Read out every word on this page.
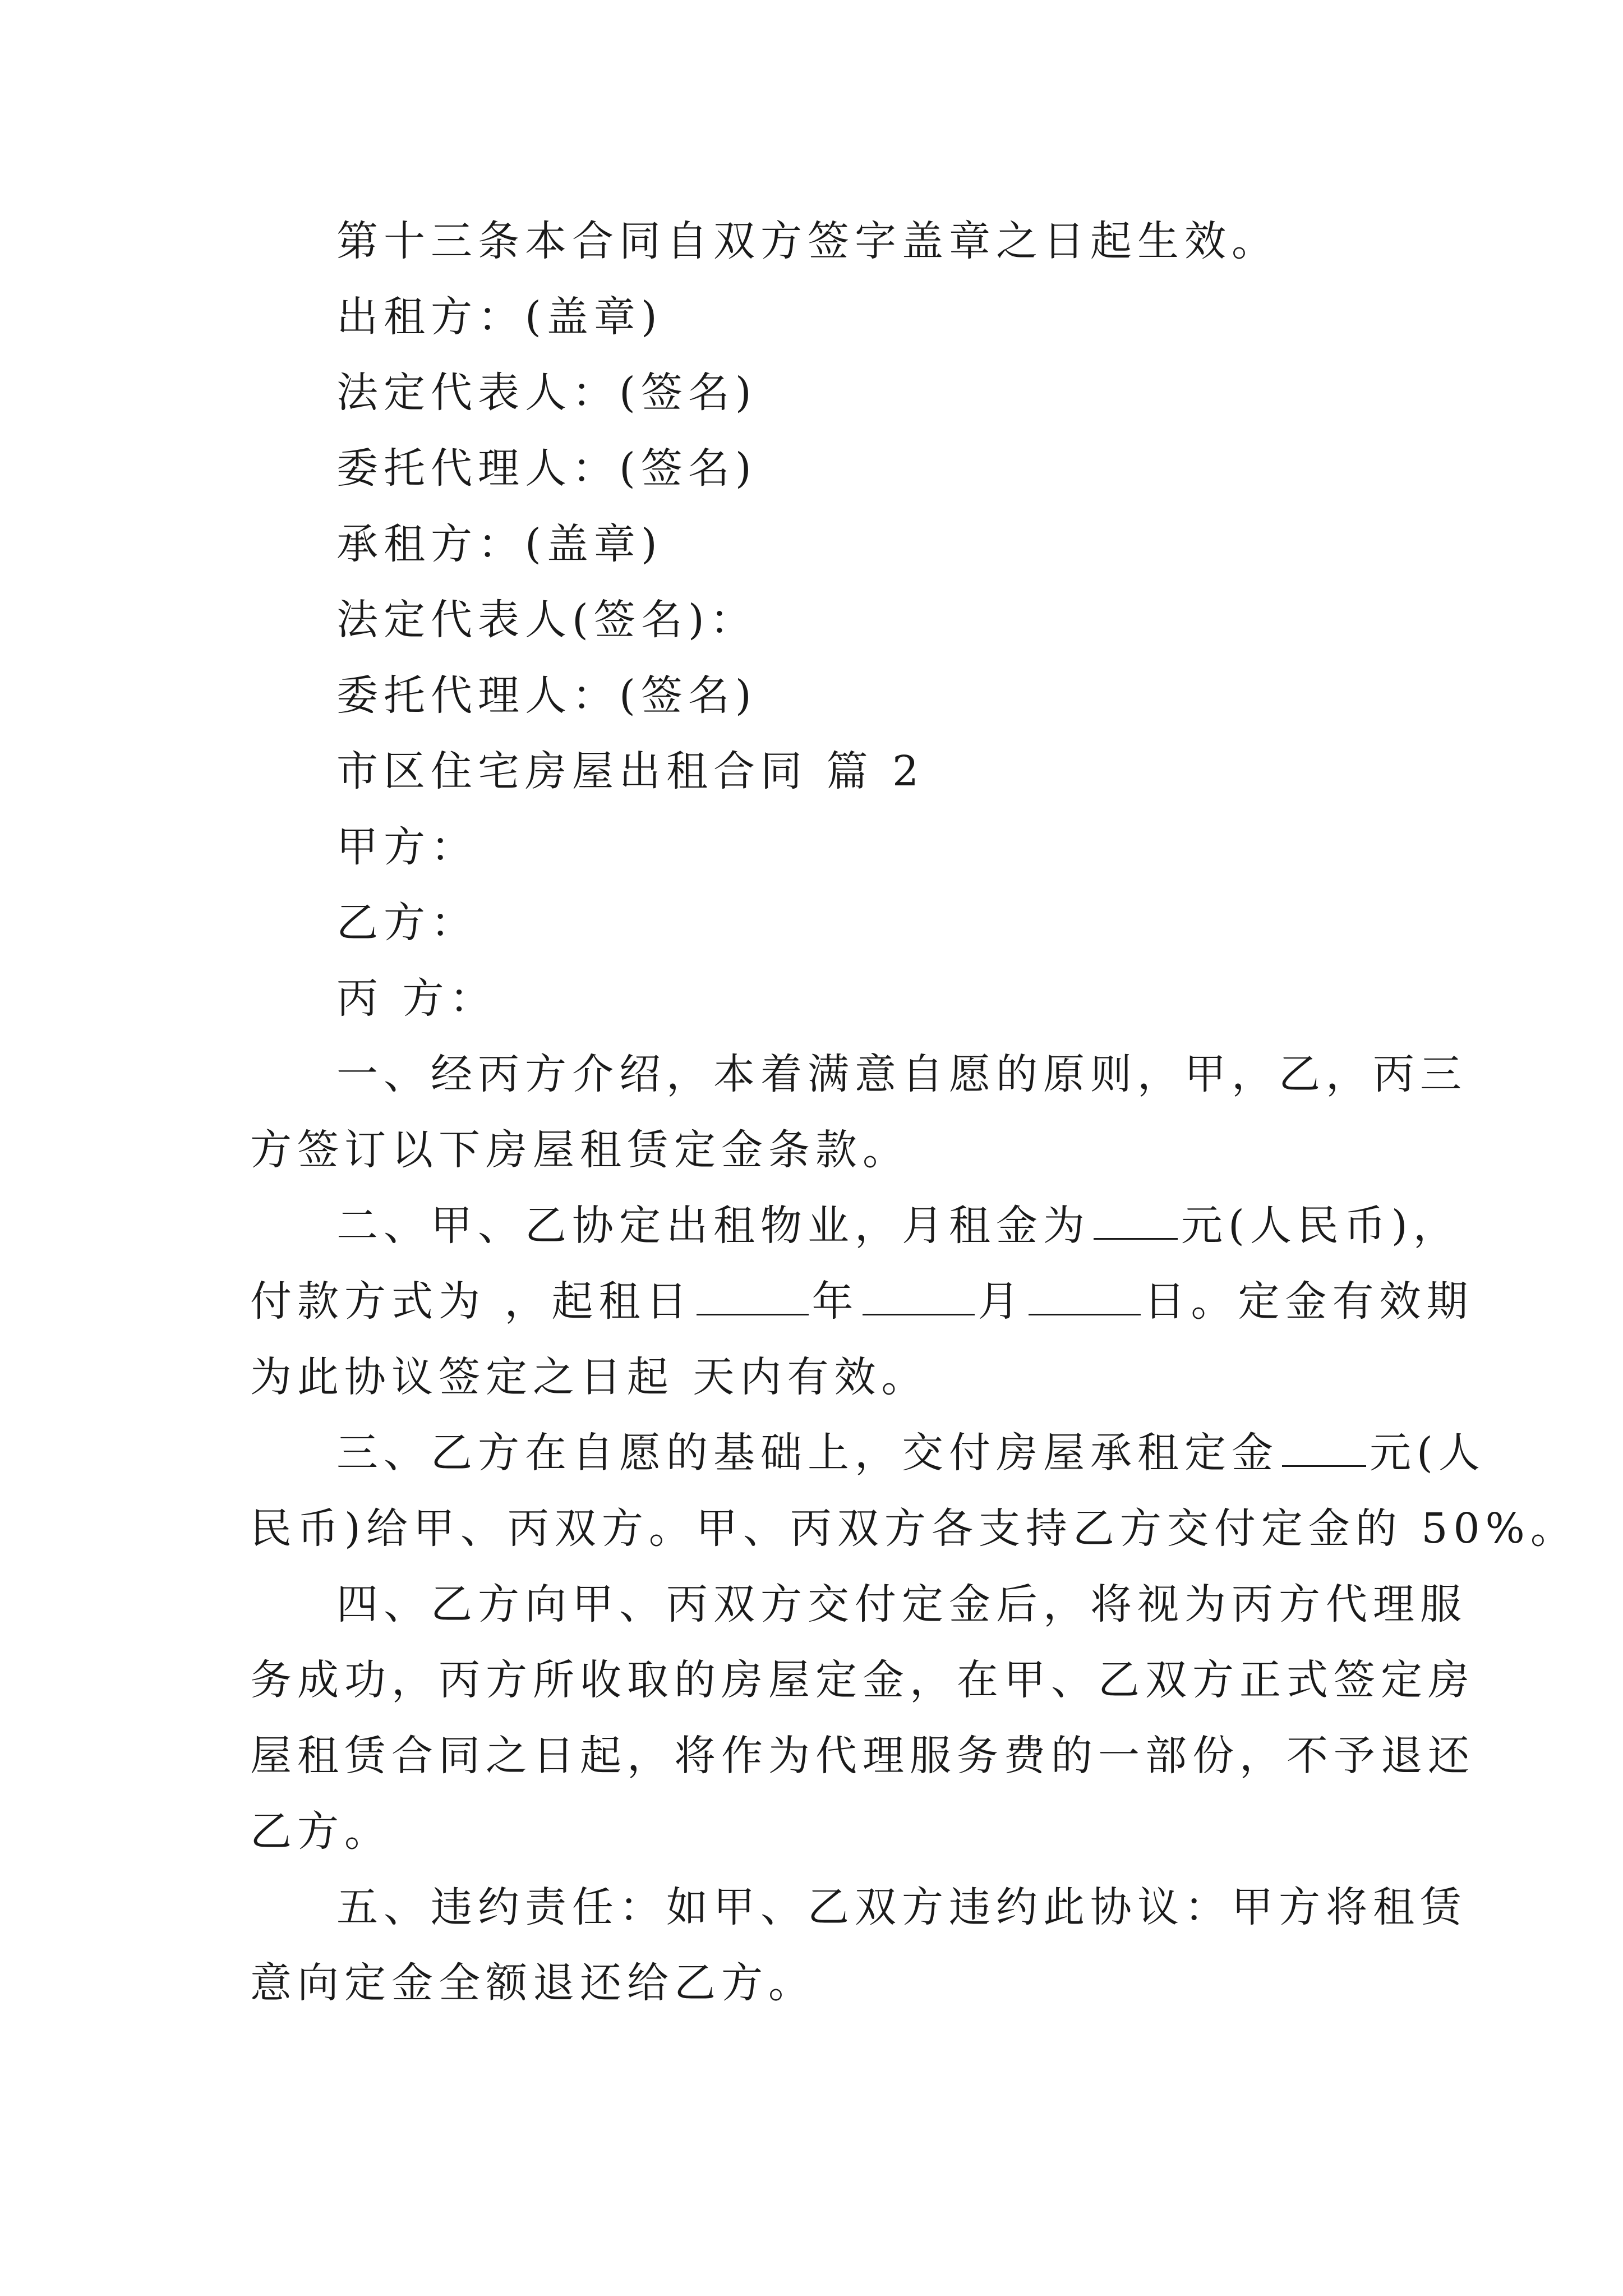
第十三条本合同自双方签字盖章之日起生效。
出租方：(盖章)
法定代表人：(签名)
委托代理人：(签名)
承租方：(盖章)
法定代表人(签名)：
委托代理人：(签名)
市区住宅房屋出租合同 篇 2
甲方：
乙方：
丙 方：
一、经丙方介绍，本着满意自愿的原则，甲，乙，丙三
方签订以下房屋租赁定金条款。
二、甲、乙协定出租物业，月租金为 元(人民币)，
付款方式为 ，起租日	年	月	日。定金有效期
为此协议签定之日起 天内有效。
三、乙方在自愿的基础上，交付房屋承租定金 元(人
民币)给甲、丙双方。甲、丙双方各支持乙方交付定金的 50%。
四、乙方向甲、丙双方交付定金后，将视为丙方代理服
务成功，丙方所收取的房屋定金，在甲、乙双方正式签定房
屋租赁合同之日起，将作为代理服务费的一部份，不予退还
乙方。
五、违约责任：如甲、乙双方违约此协议：甲方将租赁
意向定金全额退还给乙方。
